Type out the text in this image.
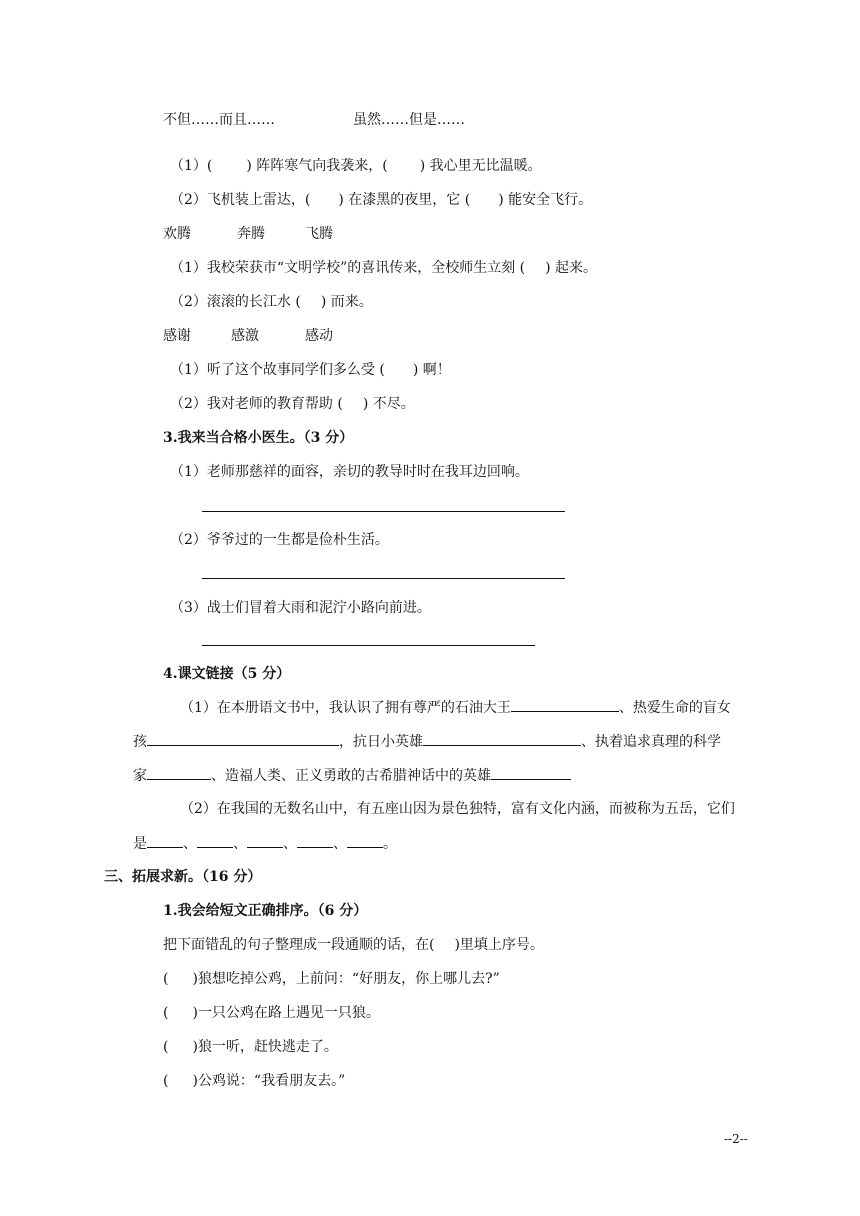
不但……而且……	虽然……但是……
（1）( ) 阵阵寒气向我袭来，( ) 我心里无比温暖。
（2）飞机装上雷达，( ) 在漆黑的夜里，它 ( ) 能安全飞行。
欢腾	奔腾	飞腾
（1）我校荣获市“文明学校”的喜讯传来，全校师生立刻 ( ) 起来。
（2）滚滚的长江水 ( ) 而来。
感谢	感激	感动
（1）听了这个故事同学们多么受 ( ) 啊！
（2）我对老师的教育帮助 ( ) 不尽。
3.我来当合格小医生。（3 分）
（1）老师那慈祥的面容，亲切的教导时时在我耳边回响。
（2）爷爷过的一生都是俭朴生活。
（3）战士们冒着大雨和泥泞小路向前进。
4.课文链接（5 分）
（1）在本册语文书中，我认识了拥有尊严的石油大王	、热爱生命的盲女
孩	，抗日小英雄	、执着追求真理的科学
家	、造福人类、正义勇敢的古希腊神话中的英雄
（2）在我国的无数名山中，有五座山因为景色独特，富有文化内涵，而被称为五岳，它们
是	、	、	、	、	。
三、拓展求新。（16 分）
1.我会给短文正确排序。（6 分）
把下面错乱的句子整理成一段通顺的话，在( )里填上序号。
( )狼想吃掉公鸡，上前问：“好朋友，你上哪儿去?”
( )一只公鸡在路上遇见一只狼。
( )狼一听，赶快逃走了。
( )公鸡说：“我看朋友去。”
--2--
